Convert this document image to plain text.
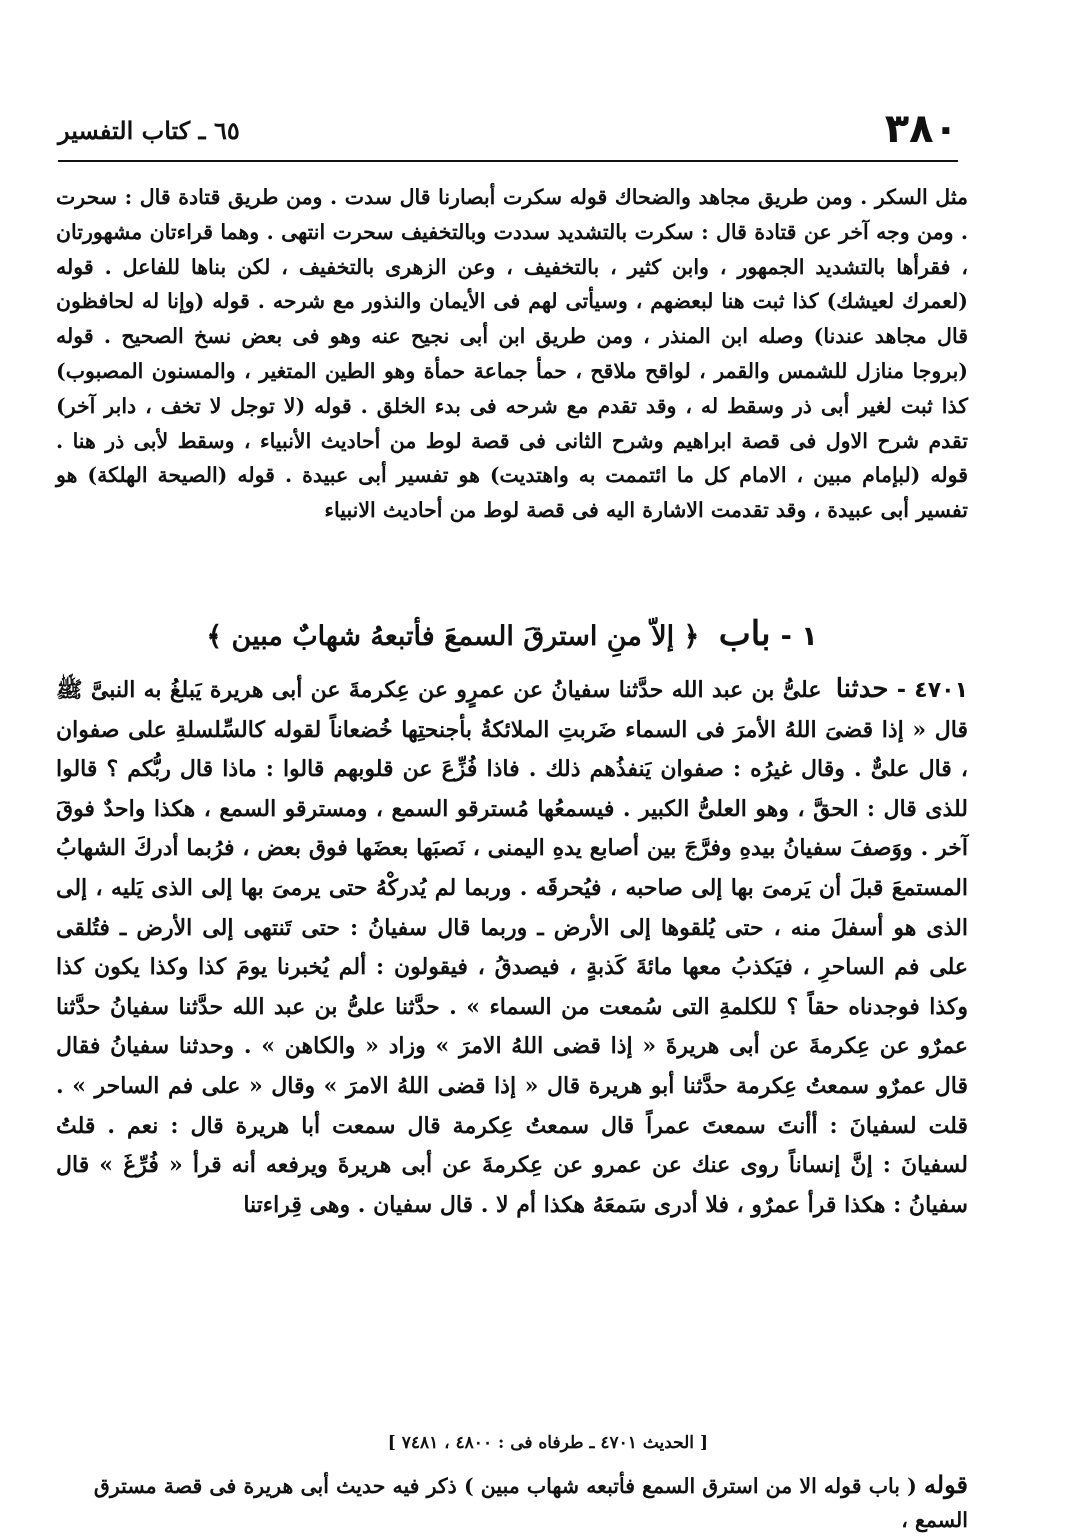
٣٨٠
٦٥ ـ كتاب التفسير

مثل السكر . ومن طريق مجاهد والضحاك قوله سكرت أبصارنا قال سدت . ومن طريق قتادة قال : سحرت . ومن وجه آخر عن قتادة قال : سكرت بالتشديد سددت وبالتخفيف سحرت انتهى . وهما قراءتان مشهورتان ، فقرأها بالتشديد الجمهور ، وابن كثير ، بالتخفيف ، وعن الزهرى بالتخفيف ، لكن بناها للفاعل . قوله (لعمرك لعيشك) كذا ثبت هنا لبعضهم ، وسيأتى لهم فى الأيمان والنذور مع شرحه . قوله (وإنا له لحافظون قال مجاهد عندنا) وصله ابن المنذر ، ومن طريق ابن أبى نجيح عنه وهو فى بعض نسخ الصحيح . قوله (بروجا منازل للشمس والقمر ، لواقح ملاقح ، حمأ جماعة حمأة وهو الطين المتغير ، والمسنون المصبوب) كذا ثبت لغير أبى ذر وسقط له ، وقد تقدم مع شرحه فى بدء الخلق . قوله (لا توجل لا تخف ، دابر آخر) تقدم شرح الاول فى قصة ابراهيم وشرح الثانى فى قصة لوط من أحاديث الأنبياء ، وسقط لأبى ذر هنا . قوله (لبإمام مبين ، الامام كل ما ائتممت به واهتديت) هو تفسير أبى عبيدة . قوله (الصيحة الهلكة) هو تفسير أبى عبيدة ، وقد تقدمت الاشارة اليه فى قصة لوط من أحاديث الانبياء

١ -باب ﴿ إلاّ منِ استرقَ السمعَ فأتبعهُ شهابٌ مبين ﴾

٤٧٠١ - حدثنا علىُّ بن عبد الله حدَّثنا سفيانُ عن عمرٍو عن عِكرمةَ عن أبى هريرة يَبلغُ به النبىَّ ﷺ قال « إذا قضىَ اللهُ الأمرَ فى السماء ضَربتِ الملائكةُ بأجنحتِها خُضعاناً لقوله كالسِّلسلةِ على صفوان ، قال علىٌّ . وقال غيرُه : صفوان يَنفذُهم ذلك . فاذا فُزِّعَ عن قلوبهم قالوا : ماذا قال ربُّكم ؟ قالوا للذى قال : الحقَّ ، وهو العلىُّ الكبير . فيسمعُها مُسترقو السمع ، ومسترقو السمع ، هكذا واحدٌ فوقَ آخر . ووَصفَ سفيانُ بيدهِ وفرَّجَ بين أصابع يدهِ اليمنى ، نَصبَها بعضَها فوق بعض ، فرُبما أدركَ الشهابُ المستمعَ قبلَ أن يَرمىَ بها إلى صاحبه ، فيُحرقَه . وربما لم يُدركْهُ حتى يرمىَ بها إلى الذى يَليه ، إلى الذى هو أسفلَ منه ، حتى يُلقوها إلى الأرض ـ وربما قال سفيانُ : حتى تَنتهى إلى الأرض ـ فتُلقى على فم الساحرِ ، فيَكذبُ معها مائةَ كَذبةٍ ، فيصدقُ ، فيقولون : ألم يُخبرنا يومَ كذا وكذا يكون كذا وكذا فوجدناه حقاً ؟ للكلمةِ التى سُمعت من السماء » . حدَّثنا علىُّ بن عبد الله حدَّثنا سفيانُ حدَّثنا عمرٌو عن عِكرمةَ عن أبى هريرةَ « إذا قضى اللهُ الامرَ » وزاد « والكاهن » . وحدثنا سفيانُ فقال قال عمرٌو سمعتُ عِكرمة حدَّثنا أبو هريرة قال « إذا قضى اللهُ الامرَ » وقال « على فم الساحر » . قلت لسفيانَ : أأنتَ سمعتَ عمراً قال سمعتُ عِكرمة قال سمعت أبا هريرة قال : نعم . قلتُ لسفيانَ : إنَّ إنساناً روى عنك عن عمرو عن عِكرمةَ عن أبى هريرةَ ويرفعه أنه قرأ « فُرِّغَ » قال سفيانُ : هكذا قرأ عمرٌو ، فلا أدرى سَمعَهُ هكذا أم لا . قال سفيان . وهى قِراءتنا

[ الحديث ٤٧٠١ ـ طرفاه فى : ٤٨٠٠ ، ٧٤٨١ ]
قوله ( باب قوله الا من استرق السمع فأتبعه شهاب مبين ) ذكر فيه حديث أبى هريرة فى قصة مسترق السمع ،
